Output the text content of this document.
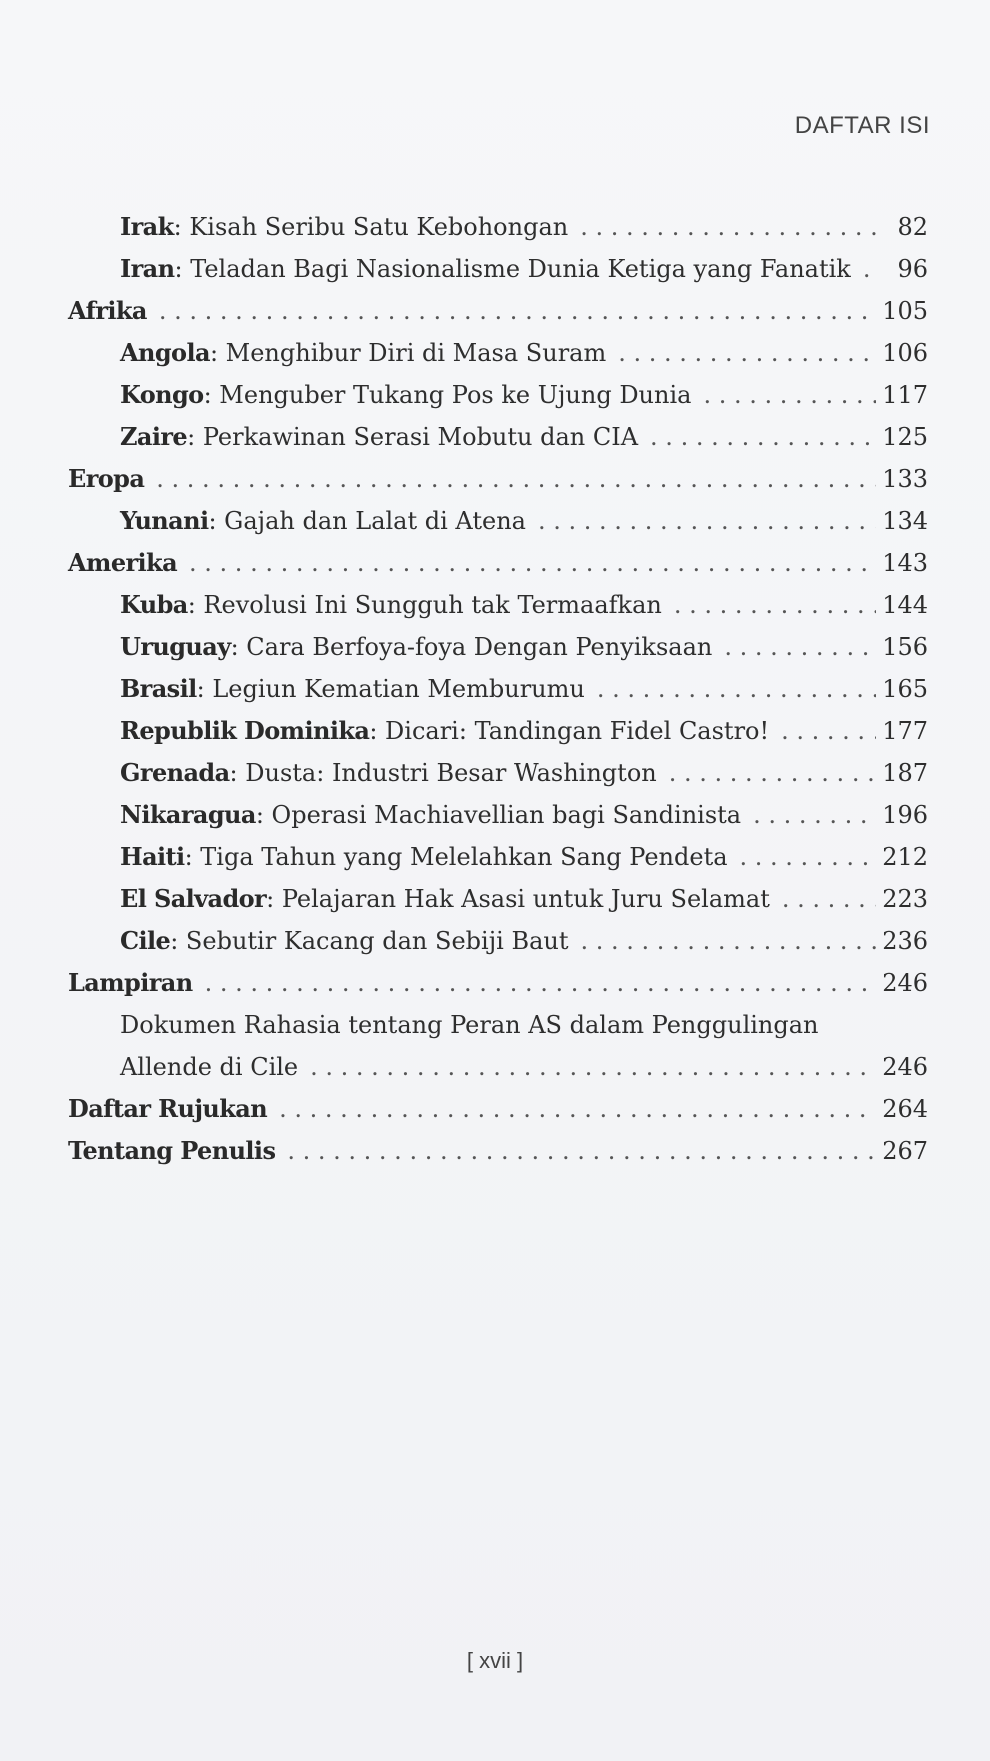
DAFTAR ISI
Irak : Kisah Seribu Satu Kebohongan . . .	82
Iran : Teladan Bagi Nasionalisme Dunia Ketiga yang Fanatik . . .	96
Afrika . . .	105
Angola : Menghibur Diri di Masa Suram . . .	106
Kongo : Menguber Tukang Pos ke Ujung Dunia . . .	117
Zaire : Perkawinan Serasi Mobutu dan CIA . . .	125
Eropa . . .	133
Yunani : Gajah dan Lalat di Atena . . .	134
Amerika . . .	143
Kuba : Revolusi Ini Sungguh tak Termaafkan . . .	144
Uruguay : Cara Berfoya-foya Dengan Penyiksaan . . .	156
Brasil : Legiun Kematian Memburumu . . .	165
Republik Dominika : Dicari: Tandingan Fidel Castro! . . .	177
Grenada : Dusta: Industri Besar Washington . . .	187
Nikaragua : Operasi Machiavellian bagi Sandinista . . .	196
Haiti : Tiga Tahun yang Melelahkan Sang Pendeta . . .	212
El Salvador : Pelajaran Hak Asasi untuk Juru Selamat . . .	223
Cile : Sebutir Kacang dan Sebiji Baut . . .	236
Lampiran . . .	246
Dokumen Rahasia tentang Peran AS dalam Penggulingan
Allende di Cile . . .	246
Daftar Rujukan . . .	264
Tentang Penulis . . .	267
[ xvii ]
